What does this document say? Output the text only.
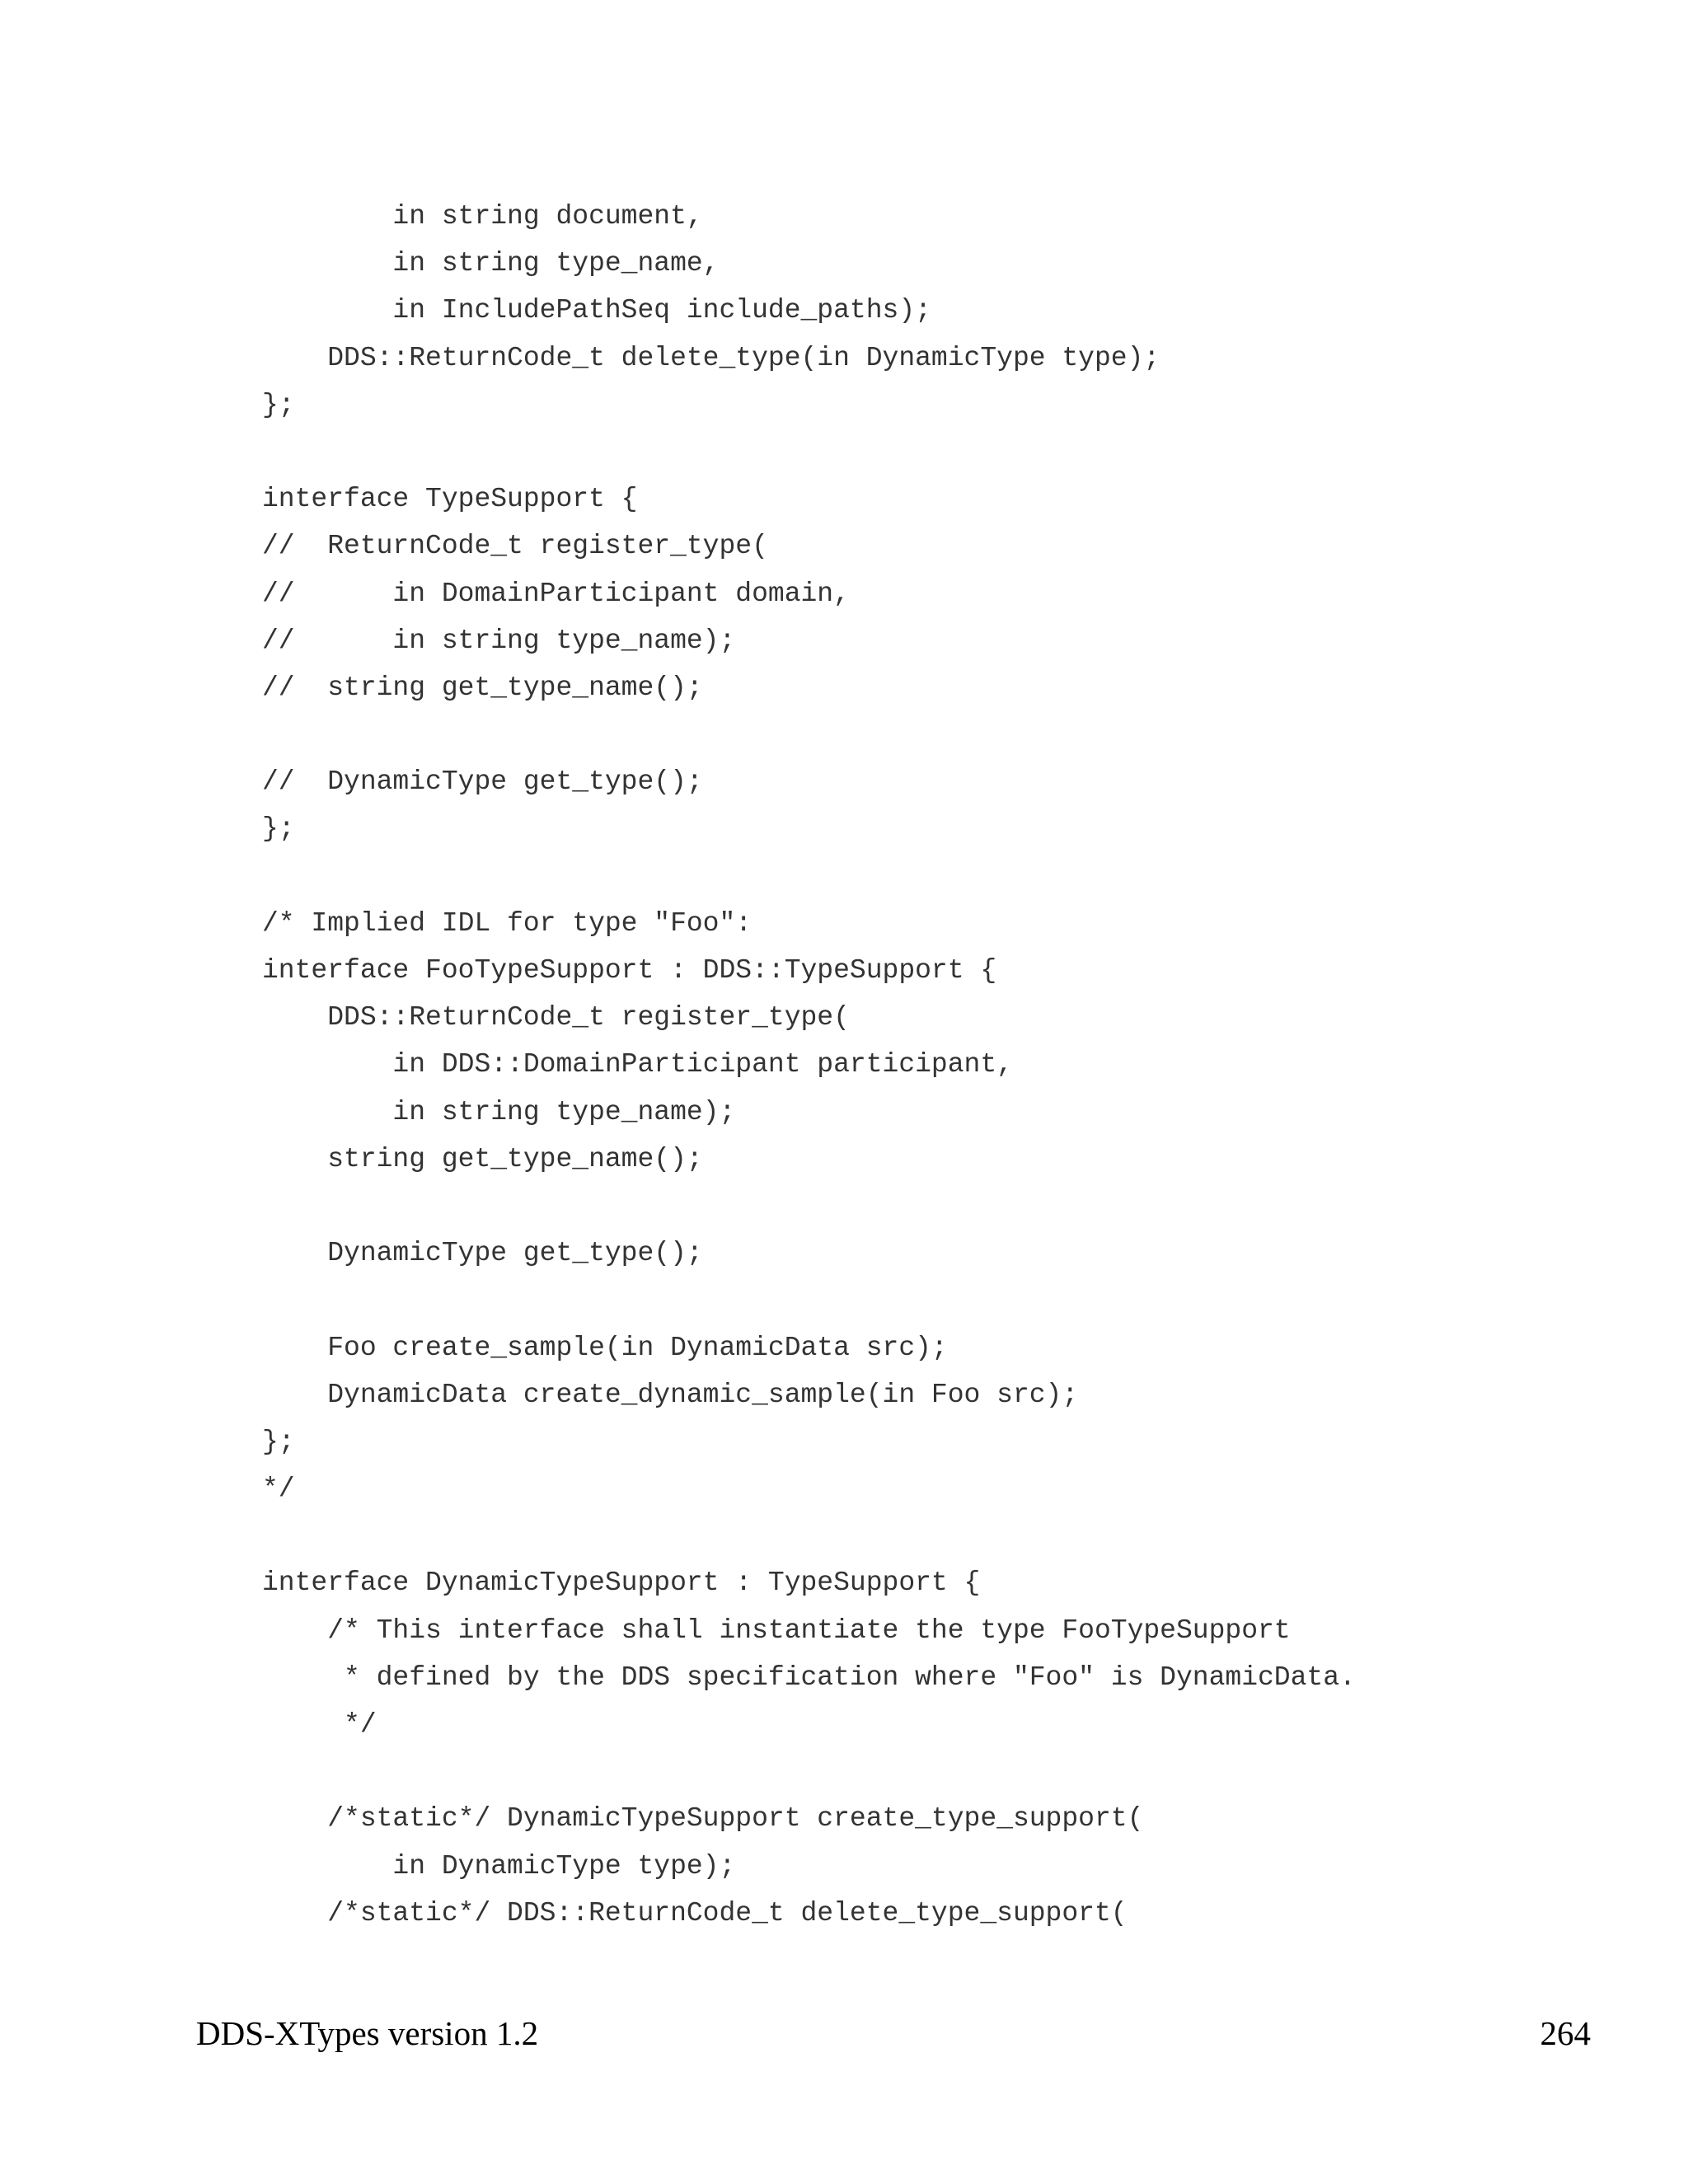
in string document,
in string type_name,
in IncludePathSeq include_paths);
DDS::ReturnCode_t delete_type(in DynamicType type);
};
interface TypeSupport {
//  ReturnCode_t register_type(
//      in DomainParticipant domain,
//      in string type_name);
//  string get_type_name();
//  DynamicType get_type();
};
/* Implied IDL for type "Foo":
interface FooTypeSupport : DDS::TypeSupport {
DDS::ReturnCode_t register_type(
in DDS::DomainParticipant participant,
in string type_name);
string get_type_name();
DynamicType get_type();
Foo create_sample(in DynamicData src);
DynamicData create_dynamic_sample(in Foo src);
};
*/
interface DynamicTypeSupport : TypeSupport {
/* This interface shall instantiate the type FooTypeSupport
* defined by the DDS specification where "Foo" is DynamicData.
*/
/*static*/ DynamicTypeSupport create_type_support(
in DynamicType type);
/*static*/ DDS::ReturnCode_t delete_type_support(
DDS-XTypes version 1.2	264
